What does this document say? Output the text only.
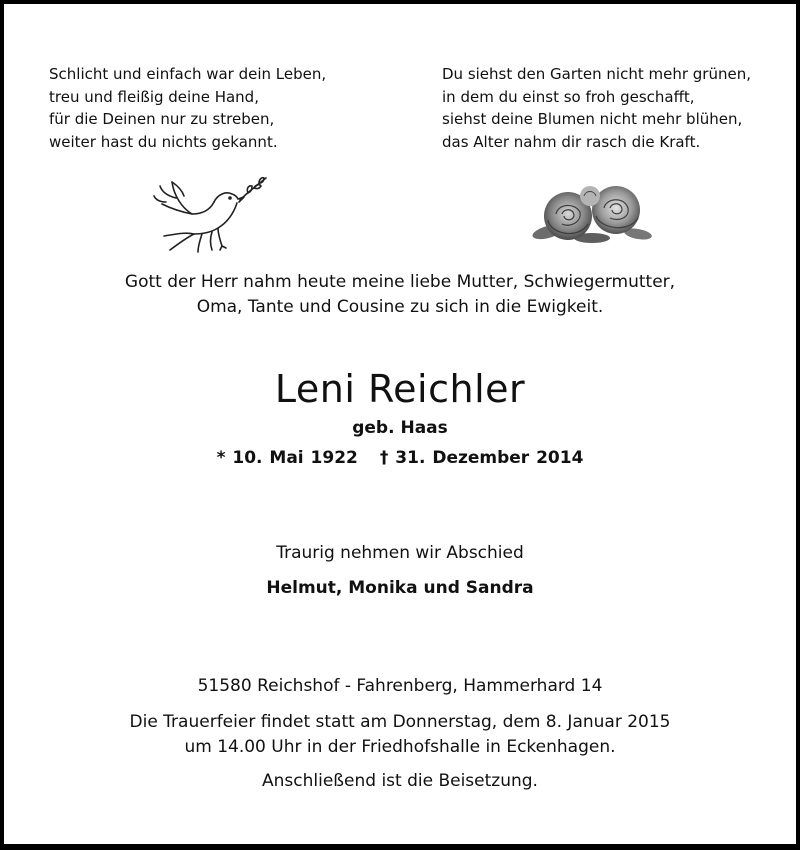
Schlicht und einfach war dein Leben,
treu und fleißig deine Hand,
für die Deinen nur zu streben,
weiter hast du nichts gekannt.
Du siehst den Garten nicht mehr grünen,
in dem du einst so froh geschafft,
siehst deine Blumen nicht mehr blühen,
das Alter nahm dir rasch die Kraft.
Gott der Herr nahm heute meine liebe Mutter, Schwiegermutter,
Oma, Tante und Cousine zu sich in die Ewigkeit.
Leni Reichler
geb. Haas
* 10. Mai 1922 † 31. Dezember 2014
Traurig nehmen wir Abschied
Helmut, Monika und Sandra
51580 Reichshof - Fahrenberg, Hammerhard 14
Die Trauerfeier findet statt am Donnerstag, dem 8. Januar 2015
um 14.00 Uhr in der Friedhofshalle in Eckenhagen.
Anschließend ist die Beisetzung.
